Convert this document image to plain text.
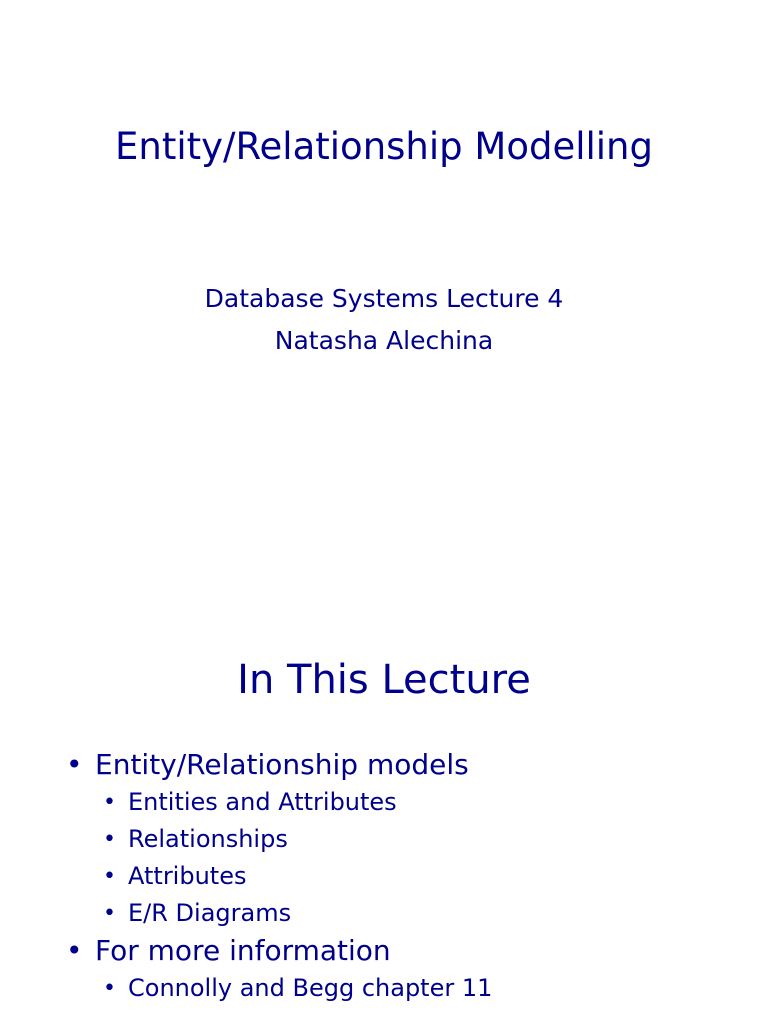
Entity/Relationship Modelling

Database Systems Lecture 4

Natasha Alechina

In This Lecture
• Entity/Relationship models
• Entities and Attributes
• Relationships
• Attributes
• E/R Diagrams
• For more information
• Connolly and Begg chapter 11
